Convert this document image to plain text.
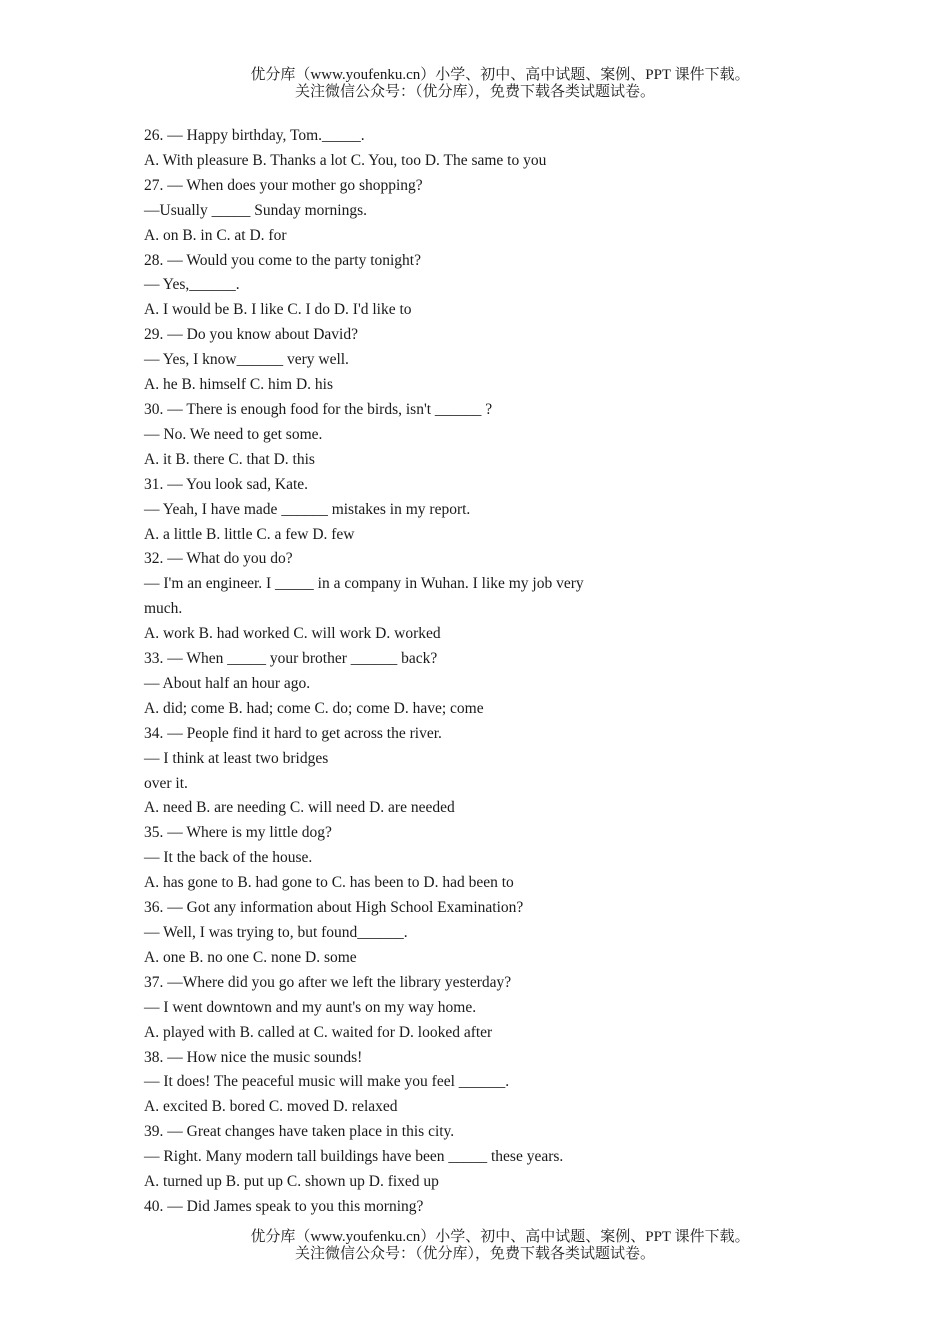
优分库（www.youfenku.cn）小学、初中、高中试题、案例、PPT 课件下载。
关注微信公众号：（优分库），免费下载各类试题试卷。
26. — Happy birthday, Tom._____.
A. With pleasure B. Thanks a lot C. You, too D. The same to you
27. — When does your mother go shopping?
—Usually _____ Sunday mornings.
A. on B. in C. at D. for
28. — Would you come to the party tonight?
— Yes,______.
A. I would be B. I like C. I do D. I'd like to
29. — Do you know about David?
— Yes, I know______ very well.
A. he B. himself C. him D. his
30. — There is enough food for the birds, isn't ______ ?
— No. We need to get some.
A. it B. there C. that D. this
31. — You look sad, Kate.
— Yeah, I have made ______ mistakes in my report.
A. a little B. little C. a few D. few
32. — What do you do?
— I'm an engineer. I _____ in a company in Wuhan. I like my job very
much.
A. work B. had worked C. will work D. worked
33. — When _____ your brother ______ back?
— About half an hour ago.
A. did; come B. had; come C. do; come D. have; come
34. — People find it hard to get across the river.
— I think at least two bridges
over it.
A. need B. are needing C. will need D. are needed
35. — Where is my little dog?
— It the back of the house.
A. has gone to B. had gone to C. has been to D. had been to
36. — Got any information about High School Examination?
— Well, I was trying to, but found______.
A. one B. no one C. none D. some
37. —Where did you go after we left the library yesterday?
— I went downtown and my aunt's on my way home.
A. played with B. called at C. waited for D. looked after
38. — How nice the music sounds!
— It does! The peaceful music will make you feel ______.
A. excited B. bored C. moved D. relaxed
39. — Great changes have taken place in this city.
— Right. Many modern tall buildings have been _____ these years.
A. turned up B. put up C. shown up D. fixed up
40. — Did James speak to you this morning?
优分库（www.youfenku.cn）小学、初中、高中试题、案例、PPT 课件下载。
关注微信公众号：（优分库），免费下载各类试题试卷。
